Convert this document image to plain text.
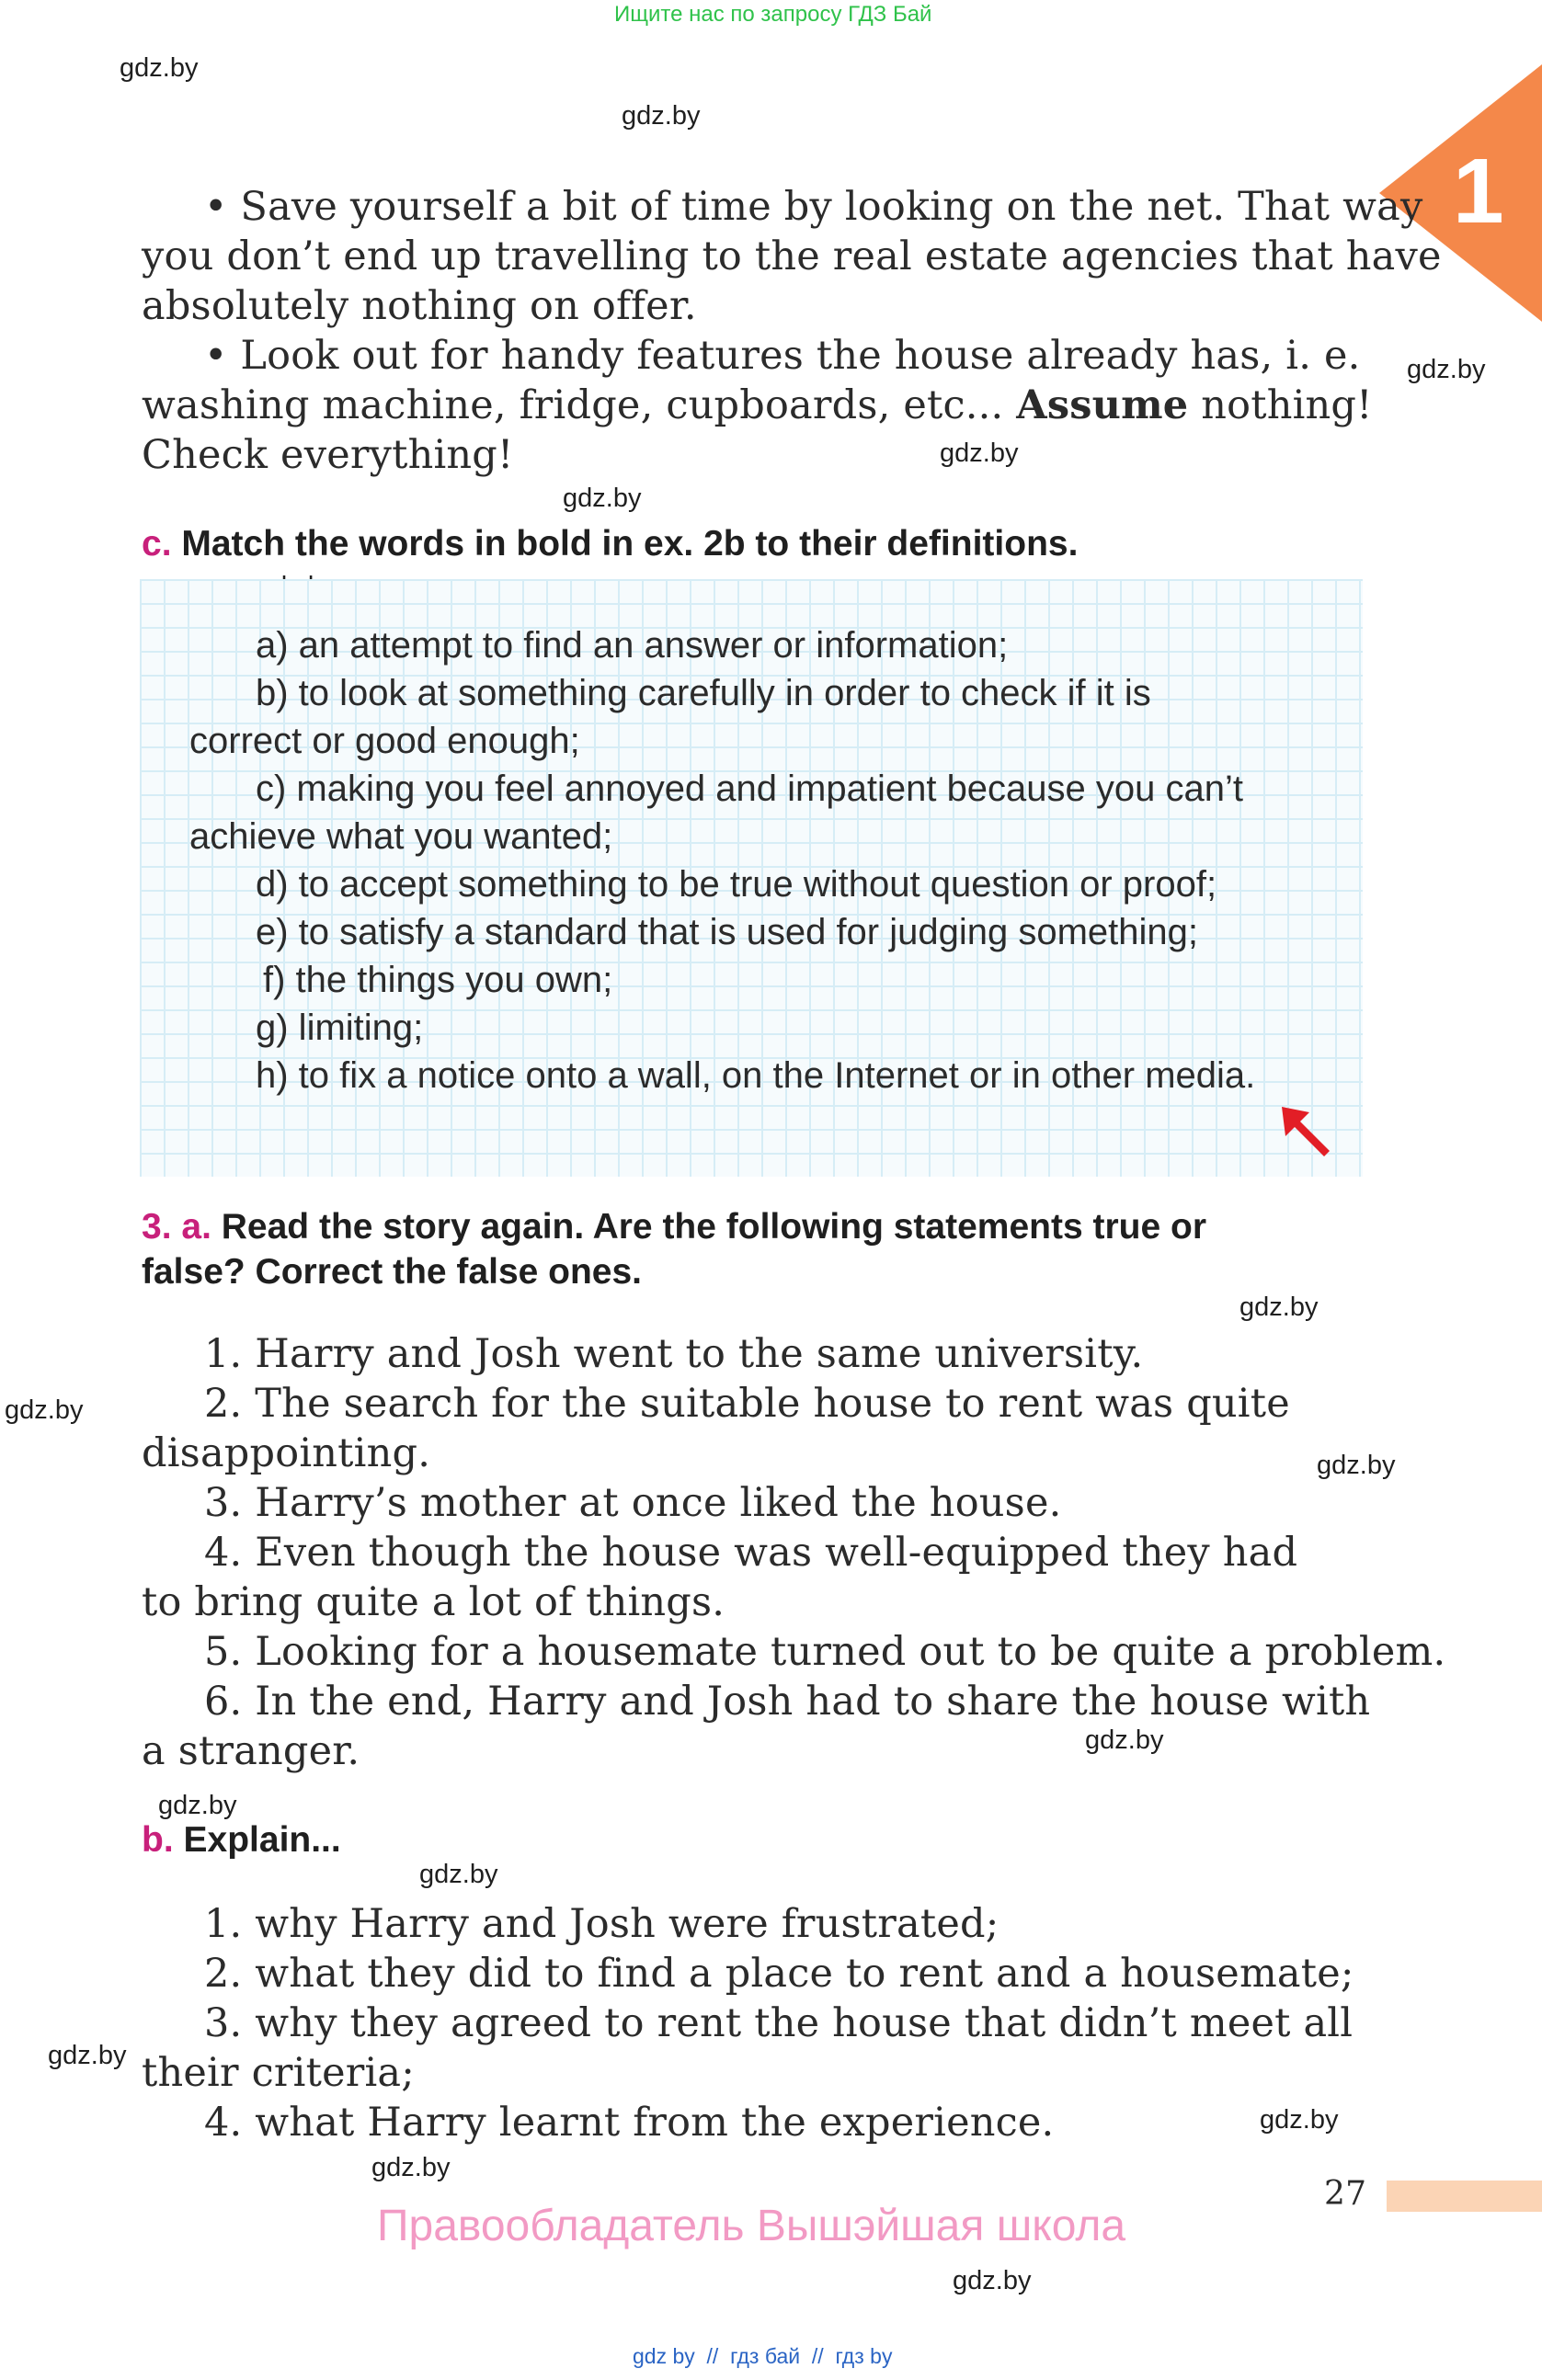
Ищите нас по запросу ГДЗ Бай
1
gdz.by
gdz.by
gdz.by
gdz.by
gdz.by
gdz.by
gdz.by
gdz.by
gdz.by
gdz.by
gdz.by
gdz.by
gdz.by
gdz.by
gdz.by
• Save yourself a bit of time by looking on the net. That way
you don’t end up travelling to the real estate agencies that have
absolutely nothing on offer.
• Look out for handy features the house already has, i. e.
washing machine, fridge, cupboards, etc... Assume nothing!
Check everything!
c. Match the words in bold in ex. 2b to their definitions.
a) an attempt to find an answer or information;
b) to look at something carefully in order to check if it is
correct or good enough;
c) making you feel annoyed and impatient because you can’t
achieve what you wanted;
d) to accept something to be true without question or proof;
e) to satisfy a standard that is used for judging something;
f) the things you own;
g) limiting;
h) to fix a notice onto a wall, on the Internet or in other media.
3. a. Read the story again. Are the following statements true or
false? Correct the false ones.
1. Harry and Josh went to the same university.
2. The search for the suitable house to rent was quite
disappointing.
3. Harry’s mother at once liked the house.
4. Even though the house was well-equipped they had
to bring quite a lot of things.
5. Looking for a housemate turned out to be quite a problem.
6. In the end, Harry and Josh had to share the house with
a stranger.
b. Explain...
1. why Harry and Josh were frustrated;
2. what they did to find a place to rent and a housemate;
3. why they agreed to rent the house that didn’t meet all
their criteria;
4. what Harry learnt from the experience.
27
Правообладатель Вышэйшая школа
gdz by  //  гдз бай  //  гдз by
